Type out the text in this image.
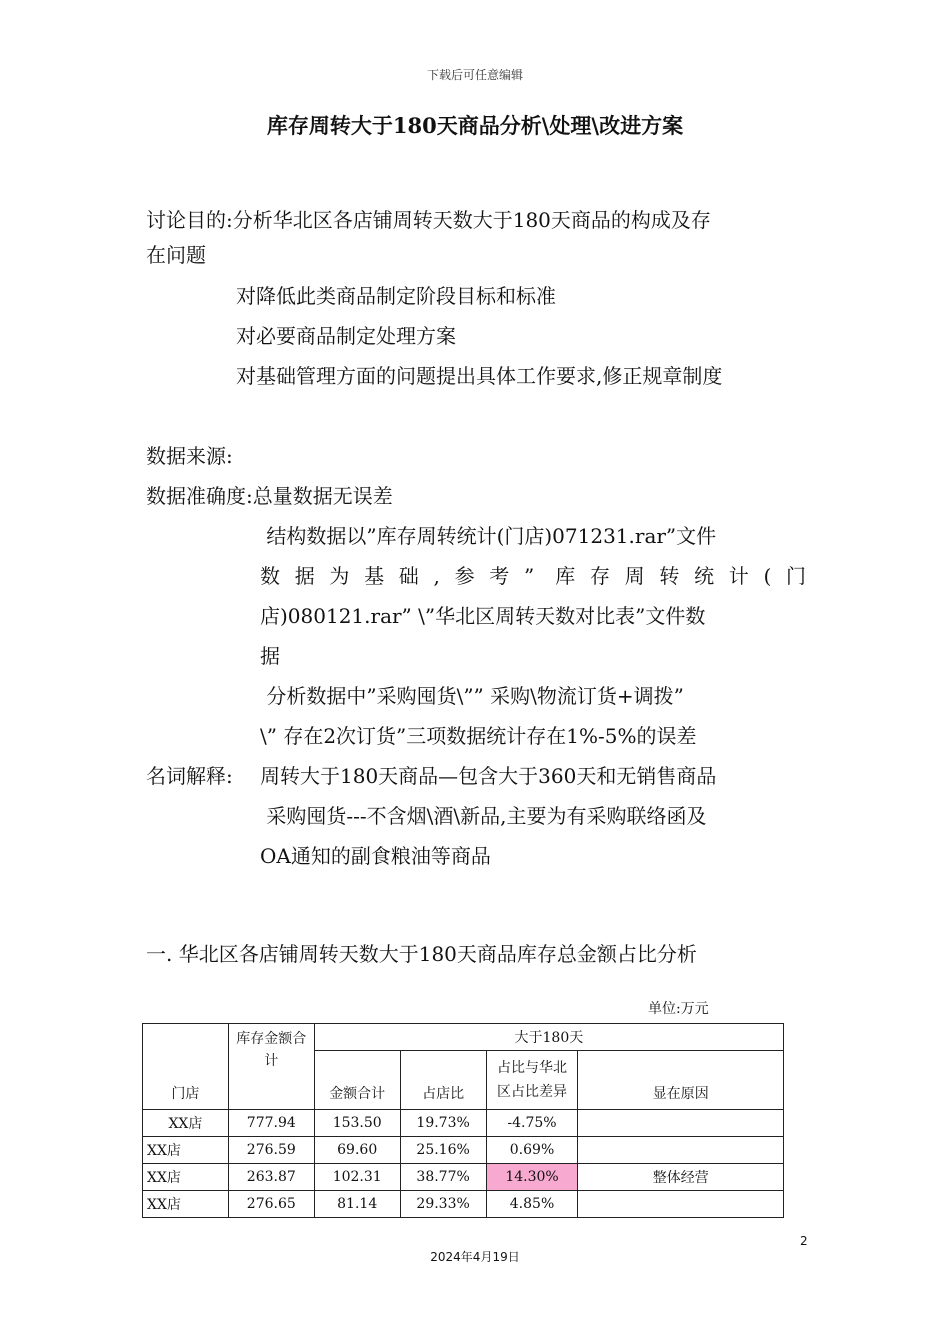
下载后可任意编辑
库存周转大于180天商品分析\处理\改进方案
讨论目的:分析华北区各店铺周转天数大于180天商品的构成及存
在问题
对降低此类商品制定阶段目标和标准
对必要商品制定处理方案
对基础管理方面的问题提出具体工作要求,修正规章制度
数据来源:
数据准确度:总量数据无误差
结构数据以”库存周转统计(门店)071231.rar”文件
数据为基础,参考” 库存周转统计(门
店)080121.rar” \”华北区周转天数对比表”文件数
据
分析数据中”采购囤货\”” 采购\物流订货+调拨”
\” 存在2次订货”三项数据统计存在1%-5%的误差
名词解释: 周转大于180天商品—包含大于360天和无销售商品
采购囤货---不含烟\酒\新品,主要为有采购联络函及
OA通知的副食粮油等商品
一. 华北区各店铺周转天数大于180天商品库存总金额占比分析
单位:万元
门店	库存金额合计	大于180天			
		金额合计	占店比	占比与华北区占比差异	显在原因
XX店	777.94	153.50	19.73%	-4.75%	
XX店	276.59	69.60	25.16%	0.69%	
XX店	263.87	102.31	38.77%	14.30%	整体经营
XX店	276.65	81.14	29.33%	4.85%	
2
2024年4月19日
